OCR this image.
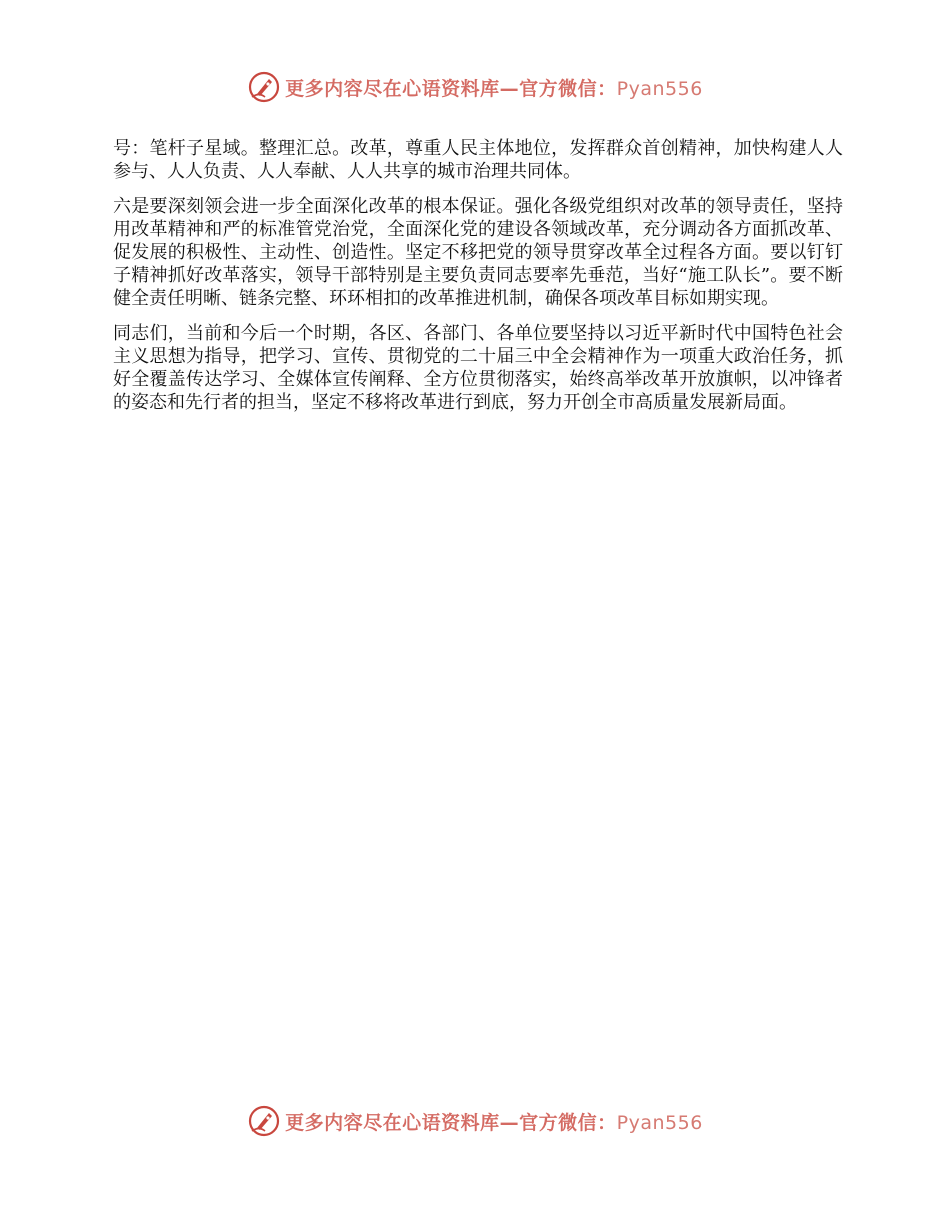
更多内容尽在心语资料库—官方微信：Pyan556

号：笔杆子星域。整理汇总。改革，尊重人民主体地位，发挥群众首创精神，加快构建人人参与、人人负责、人人奉献、人人共享的城市治理共同体。

六是要深刻领会进一步全面深化改革的根本保证。强化各级党组织对改革的领导责任，坚持用改革精神和严的标准管党治党，全面深化党的建设各领域改革，充分调动各方面抓改革、促发展的积极性、主动性、创造性。坚定不移把党的领导贯穿改革全过程各方面。要以钉钉子精神抓好改革落实，领导干部特别是主要负责同志要率先垂范，当好“施工队长”。要不断健全责任明晰、链条完整、环环相扣的改革推进机制，确保各项改革目标如期实现。

同志们，当前和今后一个时期，各区、各部门、各单位要坚持以习近平新时代中国特色社会主义思想为指导，把学习、宣传、贯彻党的二十届三中全会精神作为一项重大政治任务，抓好全覆盖传达学习、全媒体宣传阐释、全方位贯彻落实，始终高举改革开放旗帜，以冲锋者的姿态和先行者的担当，坚定不移将改革进行到底，努力开创全市高质量发展新局面。

更多内容尽在心语资料库—官方微信：Pyan556
